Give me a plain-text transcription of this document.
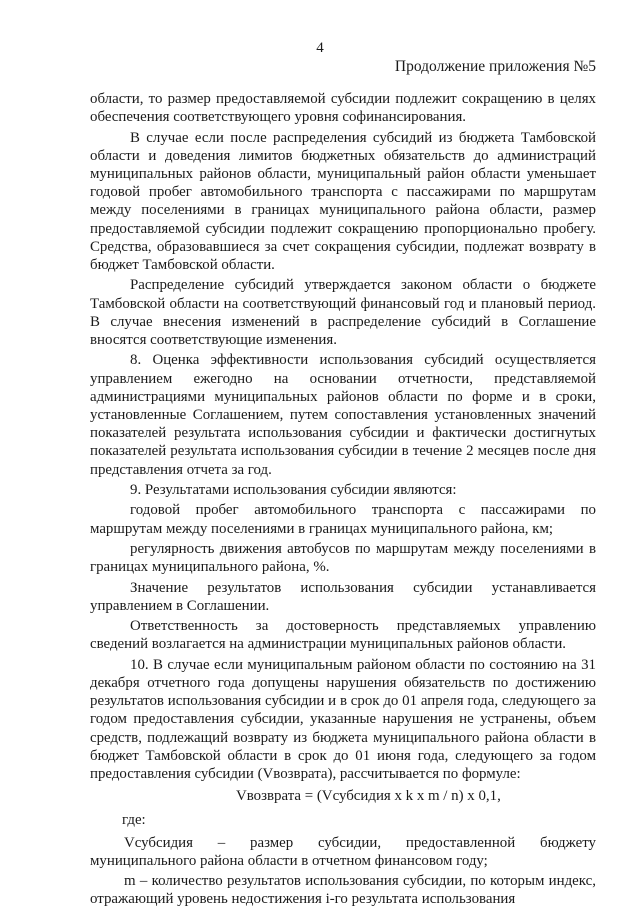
4
Продолжение приложения №5

области, то размер предоставляемой субсидии подлежит сокращению в целях обеспечения соответствующего уровня софинансирования.

В случае если после распределения субсидий из бюджета Тамбовской области и доведения лимитов бюджетных обязательств до администраций муниципальных районов области, муниципальный район области уменьшает годовой пробег автомобильного транспорта с пассажирами по маршрутам между поселениями в границах муниципального района области, размер предоставляемой субсидии подлежит сокращению пропорционально пробегу. Средства, образовавшиеся за счет сокращения субсидии, подлежат возврату в бюджет Тамбовской области.

Распределение субсидий утверждается законом области о бюджете Тамбовской области на соответствующий финансовый год и плановый период. В случае внесения изменений в распределение субсидий в Соглашение вносятся соответствующие изменения.

8. Оценка эффективности использования субсидий осуществляется управлением ежегодно на основании отчетности, представляемой администрациями муниципальных районов области по форме и в сроки, установленные Соглашением, путем сопоставления установленных значений показателей результата использования субсидии и фактически достигнутых показателей результата использования субсидии в течение 2 месяцев после дня представления отчета за год.

9. Результатами использования субсидии являются:

годовой пробег автомобильного транспорта с пассажирами по маршрутам между поселениями в границах муниципального района, км;

регулярность движения автобусов по маршрутам между поселениями в границах муниципального района, %.

Значение результатов использования субсидии устанавливается управлением в Соглашении.

Ответственность за достоверность представляемых управлению сведений возлагается на администрации муниципальных районов области.

10. В случае если муниципальным районом области по состоянию на 31 декабря отчетного года допущены нарушения обязательств по достижению результатов использования субсидии и в срок до 01 апреля года, следующего за годом предоставления субсидии, указанные нарушения не устранены, объем средств, подлежащий возврату из бюджета муниципального района области в бюджет Тамбовской области в срок до 01 июня года, следующего за годом предоставления субсидии (Vвозврата), рассчитывается по формуле:

Vвозврата = (Vсубсидия x k x m / n) x 0,1,

где:

Vсубсидия – размер субсидии, предоставленной бюджету муниципального района области в отчетном финансовом году;

m – количество результатов использования субсидии, по которым индекс, отражающий уровень недостижения i-го результата использования
